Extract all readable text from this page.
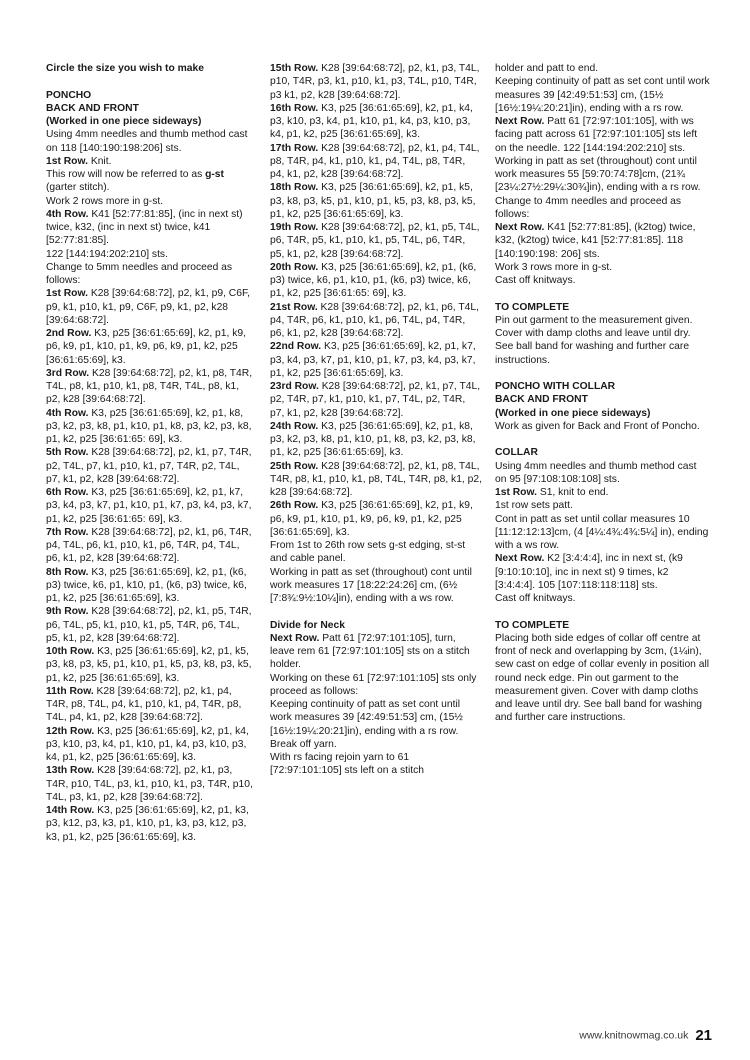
Circle the size you wish to make
PONCHO
BACK AND FRONT
(Worked in one piece sideways)
Using 4mm needles and thumb method cast on 118 [140:190:198:206] sts.
1st Row. Knit.
This row will now be referred to as g-st (garter stitch).
Work 2 rows more in g-st.
4th Row. K41 [52:77:81:85], (inc in next st) twice, k32, (inc in next st) twice, k41 [52:77:81:85].
122 [144:194:202:210] sts.
Change to 5mm needles and proceed as follows:
1st Row. K28 [39:64:68:72], p2, k1, p9, C6F, p9, k1, p10, k1, p9, C6F, p9, k1, p2, k28 [39:64:68:72].
2nd Row. K3, p25 [36:61:65:69], k2, p1, k9, p6, k9, p1, k10, p1, k9, p6, k9, p1, k2, p25 [36:61:65:69], k3.
3rd Row. K28 [39:64:68:72], p2, k1, p8, T4R, T4L, p8, k1, p10, k1, p8, T4R, T4L, p8, k1, p2, k28 [39:64:68:72].
4th Row. K3, p25 [36:61:65:69], k2, p1, k8, p3, k2, p3, k8, p1, k10, p1, k8, p3, k2, p3, k8, p1, k2, p25 [36:61:65: 69], k3.
5th Row. K28 [39:64:68:72], p2, k1, p7, T4R, p2, T4L, p7, k1, p10, k1, p7, T4R, p2, T4L, p7, k1, p2, k28 [39:64:68:72].
6th Row. K3, p25 [36:61:65:69], k2, p1, k7, p3, k4, p3, k7, p1, k10, p1, k7, p3, k4, p3, k7, p1, k2, p25 [36:61:65: 69], k3.
7th Row. K28 [39:64:68:72], p2, k1, p6, T4R, p4, T4L, p6, k1, p10, k1, p6, T4R, p4, T4L, p6, k1, p2, k28 [39:64:68:72].
8th Row. K3, p25 [36:61:65:69], k2, p1, (k6, p3) twice, k6, p1, k10, p1, (k6, p3) twice, k6, p1, k2, p25 [36:61:65:69], k3.
9th Row. K28 [39:64:68:72], p2, k1, p5, T4R, p6, T4L, p5, k1, p10, k1, p5, T4R, p6, T4L, p5, k1, p2, k28 [39:64:68:72].
10th Row. K3, p25 [36:61:65:69], k2, p1, k5, p3, k8, p3, k5, p1, k10, p1, k5, p3, k8, p3, k5, p1, k2, p25 [36:61:65:69], k3.
11th Row. K28 [39:64:68:72], p2, k1, p4, T4R, p8, T4L, p4, k1, p10, k1, p4, T4R, p8, T4L, p4, k1, p2, k28 [39:64:68:72].
12th Row. K3, p25 [36:61:65:69], k2, p1, k4, p3, k10, p3, k4, p1, k10, p1, k4, p3, k10, p3, k4, p1, k2, p25 [36:61:65:69], k3.
13th Row. K28 [39:64:68:72], p2, k1, p3, T4R, p10, T4L, p3, k1, p10, k1, p3, T4R, p10, T4L, p3, k1, p2, k28 [39:64:68:72].
14th Row. K3, p25 [36:61:65:69], k2, p1, k3, p3, k12, p3, k3, p1, k10, p1, k3, p3, k12, p3, k3, p1, k2, p25 [36:61:65:69], k3.
15th Row. K28 [39:64:68:72], p2, k1, p3, T4L, p10, T4R, p3, k1, p10, k1, p3, T4L, p10, T4R, p3 k1, p2, k28 [39:64:68:72].
16th Row. K3, p25 [36:61:65:69], k2, p1, k4, p3, k10, p3, k4, p1, k10, p1, k4, p3, k10, p3, k4, p1, k2, p25 [36:61:65:69], k3.
17th Row. K28 [39:64:68:72], p2, k1, p4, T4L, p8, T4R, p4, k1, p10, k1, p4, T4L, p8, T4R, p4, k1, p2, k28 [39:64:68:72].
18th Row. K3, p25 [36:61:65:69], k2, p1, k5, p3, k8, p3, k5, p1, k10, p1, k5, p3, k8, p3, k5, p1, k2, p25 [36:61:65:69], k3.
19th Row. K28 [39:64:68:72], p2, k1, p5, T4L, p6, T4R, p5, k1, p10, k1, p5, T4L, p6, T4R, p5, k1, p2, k28 [39:64:68:72].
20th Row. K3, p25 [36:61:65:69], k2, p1, (k6, p3) twice, k6, p1, k10, p1, (k6, p3) twice, k6, p1, k2, p25 [36:61:65: 69], k3.
21st Row. K28 [39:64:68:72], p2, k1, p6, T4L, p4, T4R, p6, k1, p10, k1, p6, T4L, p4, T4R, p6, k1, p2, k28 [39:64:68:72].
22nd Row. K3, p25 [36:61:65:69], k2, p1, k7, p3, k4, p3, k7, p1, k10, p1, k7, p3, k4, p3, k7, p1, k2, p25 [36:61:65:69], k3.
23rd Row. K28 [39:64:68:72], p2, k1, p7, T4L, p2, T4R, p7, k1, p10, k1, p7, T4L, p2, T4R, p7, k1, p2, k28 [39:64:68:72].
24th Row. K3, p25 [36:61:65:69], k2, p1, k8, p3, k2, p3, k8, p1, k10, p1, k8, p3, k2, p3, k8, p1, k2, p25 [36:61:65:69], k3.
25th Row. K28 [39:64:68:72], p2, k1, p8, T4L, T4R, p8, k1, p10, k1, p8, T4L, T4R, p8, k1, p2, k28 [39:64:68:72].
26th Row. K3, p25 [36:61:65:69], k2, p1, k9, p6, k9, p1, k10, p1, k9, p6, k9, p1, k2, p25 [36:61:65:69], k3.
From 1st to 26th row sets g-st edging, st-st and cable panel.
Working in patt as set (throughout) cont until work measures 17 [18:22:24:26] cm, (6½ [7:8¾:9½:10¼]in), ending with a ws row.
Divide for Neck
Next Row. Patt 61 [72:97:101:105], turn, leave rem 61 [72:97:101:105] sts on a stitch holder.
Working on these 61 [72:97:101:105] sts only proceed as follows:
Keeping continuity of patt as set cont until work measures 39 [42:49:51:53] cm, (15½ [16½:19¼:20:21]in), ending with a rs row.
Break off yarn.
With rs facing rejoin yarn to 61 [72:97:101:105] sts left on a stitch
holder and patt to end.
Keeping continuity of patt as set cont until work measures 39 [42:49:51:53] cm, (15½ [16½:19¼:20:21]in), ending with a rs row.
Next Row. Patt 61 [72:97:101:105], with ws facing patt across 61 [72:97:101:105] sts left on the needle. 122 [144:194:202:210] sts.
Working in patt as set (throughout) cont until work measures 55 [59:70:74:78]cm, (21¾ [23¼:27½:29¼:30¾]in), ending with a rs row.
Change to 4mm needles and proceed as follows:
Next Row. K41 [52:77:81:85], (k2tog) twice, k32, (k2tog) twice, k41 [52:77:81:85]. 118 [140:190:198: 206] sts.
Work 3 rows more in g-st.
Cast off knitways.
TO COMPLETE
Pin out garment to the measurement given. Cover with damp cloths and leave until dry. See ball band for washing and further care instructions.
PONCHO WITH COLLAR
BACK AND FRONT
(Worked in one piece sideways)
Work as given for Back and Front of Poncho.
COLLAR
Using 4mm needles and thumb method cast on 95 [97:108:108:108] sts.
1st Row. S1, knit to end.
1st row sets patt.
Cont in patt as set until collar measures 10 [11:12:12:13]cm, (4 [4¼:4¾:4¾:5¼] in), ending with a ws row.
Next Row. K2 [3:4:4:4], inc in next st, (k9 [9:10:10:10], inc in next st) 9 times, k2 [3:4:4:4]. 105 [107:118:118:118] sts.
Cast off knitways.
TO COMPLETE
Placing both side edges of collar off centre at front of neck and overlapping by 3cm, (1¼in), sew cast on edge of collar evenly in position all round neck edge. Pin out garment to the measurement given. Cover with damp cloths and leave until dry. See ball band for washing and further care instructions.
www.knitnowmag.co.uk 21
